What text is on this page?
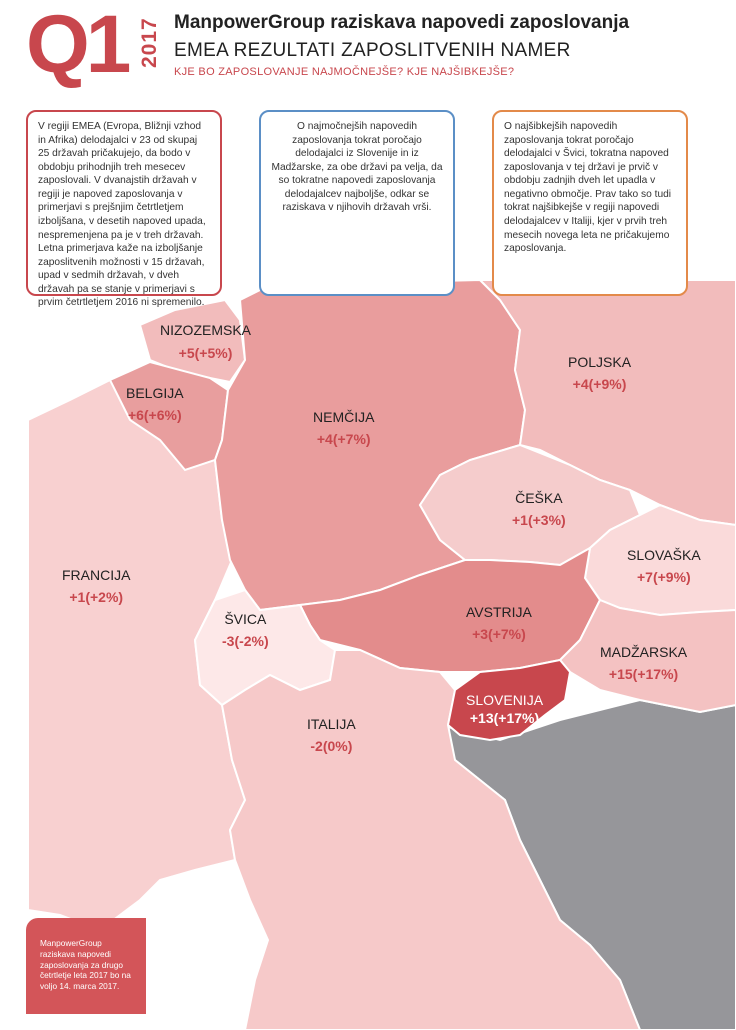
Q1 2017 ManpowerGroup raziskava napovedi zaposlovanja
EMEA REZULTATI ZAPOSLITVENIH NAMER
KJE BO ZAPOSLOVANJE NAJMOČNEJŠE? KJE NAJŠIBKEJŠE?
V regiji EMEA (Evropa, Bližnji vzhod in Afrika) delodajalci v 23 od skupaj 25 državah pričakujejo, da bodo v obdobju prihodnjih treh mesecev zaposlovali. V dvanajstih državah v regiji je napoved zaposlovanja v primerjavi s prejšnjim četrtletjem izboljšana, v desetih napoved upada, nespremenjena pa je v treh državah. Letna primerjava kaže na izboljšanje zaposlitvenih možnosti v 15 državah, upad v sedmih državah, v dveh državah pa se stanje v primerjavi s prvim četrtletjem 2016 ni spremenilo.
O najmočnejših napovedih zaposlovanja tokrat poročajo delodajalci iz Slovenije in iz Madžarske, za obe državi pa velja, da so tokratne napovedi zaposlovanja delodajalcev najboljše, odkar se raziskava v njihovih državah vrši.
O najšibkejših napovedih zaposlovanja tokrat poročajo delodajalci v Švici, tokratna napoved zaposlovanja v tej državi je prvič v obdobju zadnjih dveh let upadla v negativno območje. Prav tako so tudi tokrat najšibkejše v regiji napovedi delodajalcev v Italiji, kjer v prvih treh mesecih novega leta ne pričakujemo zaposlovanja.
NIZOZEMSKA
+5(+5%)
BELGIJA
+6(+6%)	NEMČIJA
+4(+7%)
POLJSKA
+4(+9%)
ČEŠKA
+1(+3%)
SLOVAŠKA
+7(+9%)
FRANCIJA
+1(+2%)
ŠVICA
-3(-2%)
AVSTRIJA
+3(+7%)
MADŽARSKA
+15(+17%)
SLOVENIJA
+13(+17%)
ITALIJA
-2(0%)
ManpowerGroup raziskava napovedi zaposlovanja za drugo četrtletje leta 2017 bo na voljo 14. marca 2017.
